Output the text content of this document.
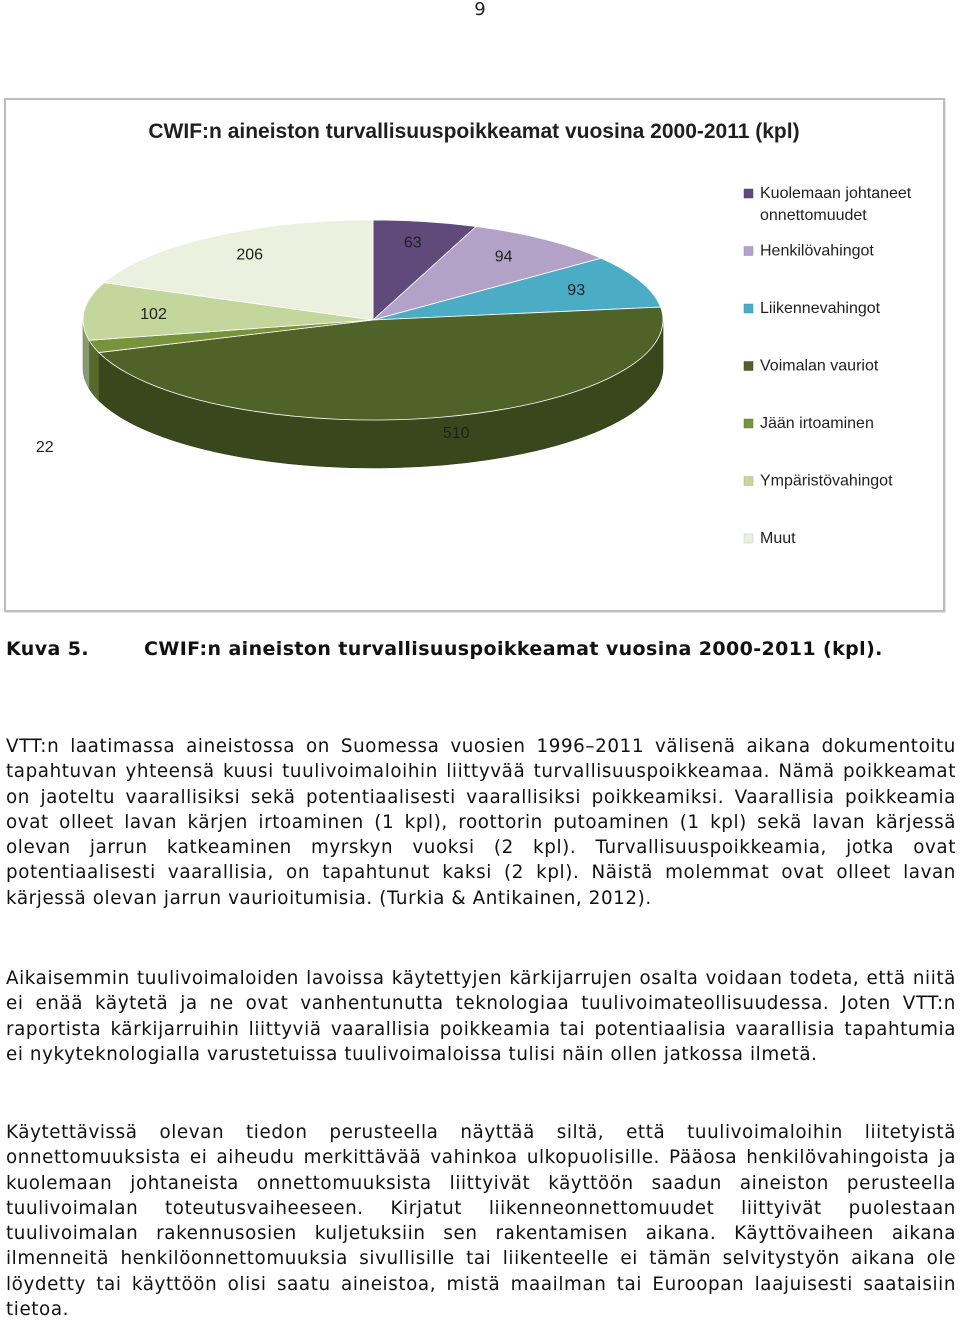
9
CWIF:n aineiston turvallisuuspoikkeamat vuosina 2000-2011 (kpl)
63
94
93
510
22
102
206
Kuolemaan johtaneet
onnettomuudet
Henkilövahingot
Liikennevahingot
Voimalan vauriot
Jään irtoaminen
Ympäristövahingot
Muut
Kuva 5.	CWIF:n aineiston turvallisuuspoikkeamat vuosina 2000-2011 (kpl).

VTT:n laatimassa aineistossa on Suomessa vuosien 1996–2011 välisenä aikana dokumentoitu tapahtuvan yhteensä kuusi tuulivoimaloihin liittyvää turvallisuuspoikkeamaa. Nämä poikkeamat on jaoteltu vaarallisiksi sekä potentiaalisesti vaarallisiksi poikkeamiksi. Vaarallisia poikkeamia ovat olleet lavan kärjen irtoaminen (1 kpl), roottorin putoaminen (1 kpl) sekä lavan kärjessä olevan jarrun katkeaminen myrskyn vuoksi (2 kpl). Turvallisuuspoikkeamia, jotka ovat potentiaalisesti vaarallisia, on tapahtunut kaksi (2 kpl). Näistä molemmat ovat olleet lavan kärjessä olevan jarrun vaurioitumisia. (Turkia & Antikainen, 2012).

Aikaisemmin tuulivoimaloiden lavoissa käytettyjen kärkijarrujen osalta voidaan todeta, että niitä ei enää käytetä ja ne ovat vanhentunutta teknologiaa tuulivoimateollisuudessa. Joten VTT:n raportista kärkijarruihin liittyviä vaarallisia poikkeamia tai potentiaalisia vaarallisia tapahtumia ei nykyteknologialla varustetuissa tuulivoimaloissa tulisi näin ollen jatkossa ilmetä.

Käytettävissä olevan tiedon perusteella näyttää siltä, että tuulivoimaloihin liitetyistä onnettomuuksista ei aiheudu merkittävää vahinkoa ulkopuolisille. Pääosa henkilövahingoista ja kuolemaan johtaneista onnettomuuksista liittyivät käyttöön saadun aineiston perusteella tuulivoimalan toteutusvaiheeseen. Kirjatut liikenneonnettomuudet liittyivät puolestaan tuulivoimalan rakennusosien kuljetuksiin sen rakentamisen aikana. Käyttövaiheen aikana ilmenneitä henkilöonnettomuuksia sivullisille tai liikenteelle ei tämän selvitystyön aikana ole löydetty tai käyttöön olisi saatu aineistoa, mistä maailman tai Euroopan laajuisesti saataisiin tietoa.
